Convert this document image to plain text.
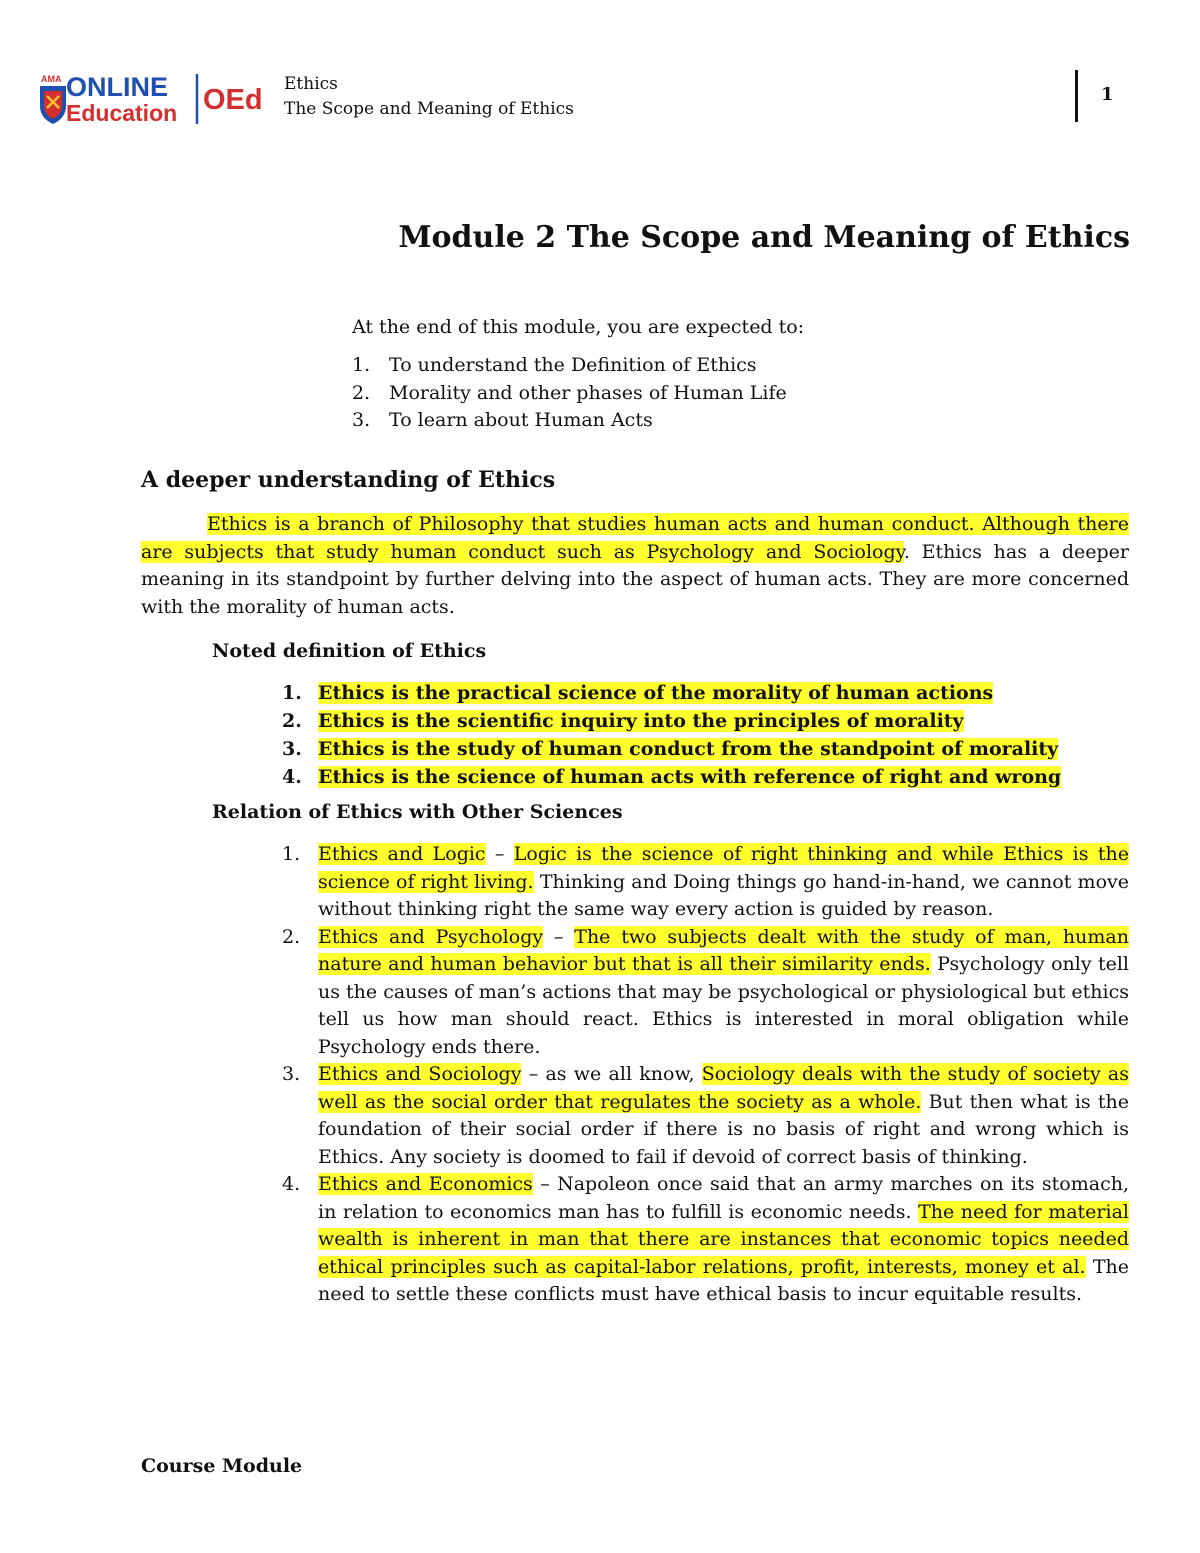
AMA ONLINE
Education OEd Ethics
The Scope and Meaning of Ethics
1
Module 2 The Scope and Meaning of Ethics

At the end of this module, you are expected to:

1. To understand the Definition of Ethics
2. Morality and other phases of Human Life
3. To learn about Human Acts
A deeper understanding of Ethics

Ethics is a branch of Philosophy that studies human acts and human conduct. Although there are subjects that study human conduct such as Psychology and Sociology. Ethics has a deeper meaning in its standpoint by further delving into the aspect of human acts. They are more concerned with the morality of human acts.

Noted definition of Ethics
1. Ethics is the practical science of the morality of human actions
2. Ethics is the scientific inquiry into the principles of morality
3. Ethics is the study of human conduct from the standpoint of morality
4. Ethics is the science of human acts with reference of right and wrong
Relation of Ethics with Other Sciences
1. Ethics and Logic – Logic is the science of right thinking and while Ethics is the science of right living. Thinking and Doing things go hand-in-hand, we cannot move without thinking right the same way every action is guided by reason.
2. Ethics and Psychology – The two subjects dealt with the study of man, human nature and human behavior but that is all their similarity ends. Psychology only tell us the causes of man’s actions that may be psychological or physiological but ethics tell us how man should react. Ethics is interested in moral obligation while Psychology ends there.
3. Ethics and Sociology – as we all know, Sociology deals with the study of society as well as the social order that regulates the society as a whole. But then what is the foundation of their social order if there is no basis of right and wrong which is Ethics. Any society is doomed to fail if devoid of correct basis of thinking.
4. Ethics and Economics – Napoleon once said that an army marches on its stomach, in relation to economics man has to fulfill is economic needs. The need for material wealth is inherent in man that there are instances that economic topics needed ethical principles such as capital-labor relations, profit, interests, money et al. The need to settle these conflicts must have ethical basis to incur equitable results.
Course Module
